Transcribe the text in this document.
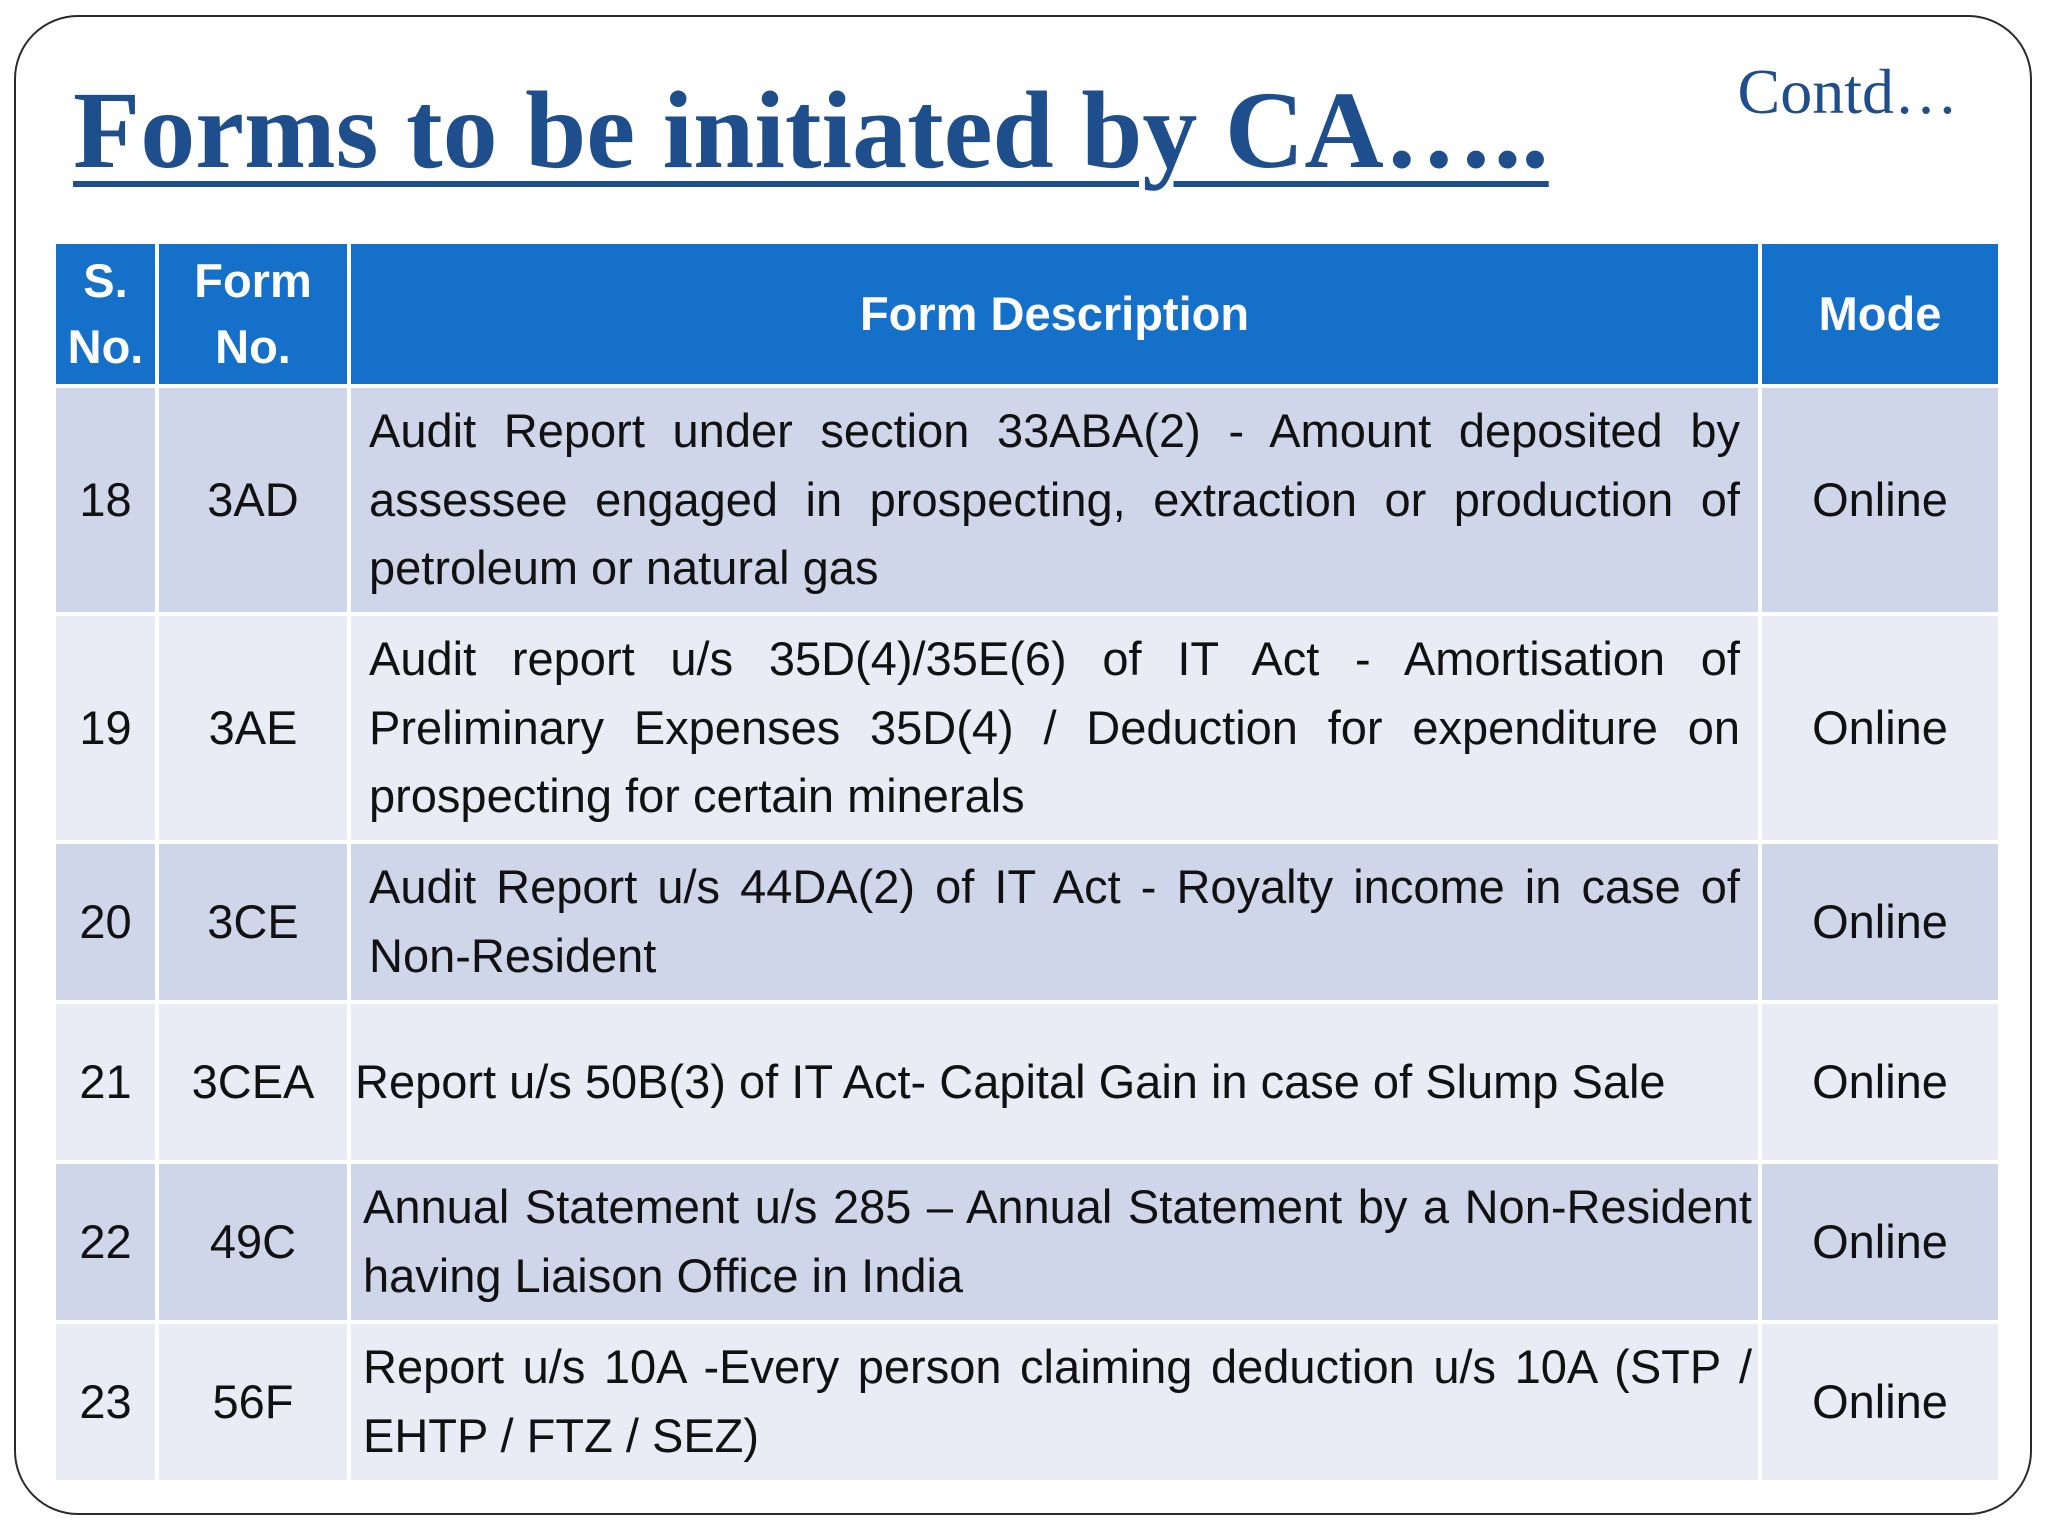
Forms to be initiated by CA…..	Contd…
S. No.	Form No.	Form Description	Mode
18	3AD	Audit Report under section 33ABA(2) - Amount deposited by assessee engaged in prospecting, extraction or production of petroleum or natural gas	Online
19	3AE	Audit report u/s 35D(4)/35E(6) of IT Act - Amortisation of Preliminary Expenses 35D(4) / Deduction for expenditure on prospecting for certain minerals	Online
20	3CE	Audit Report u/s 44DA(2) of IT Act - Royalty income in case of Non-Resident	Online
21	3CEA	Report u/s 50B(3) of IT Act- Capital Gain in case of Slump Sale	Online
22	49C	Annual Statement u/s 285 – Annual Statement by a Non-Resident having Liaison Office in India	Online
23	56F	Report u/s 10A -Every person claiming deduction u/s 10A (STP / EHTP / FTZ / SEZ)	Online
